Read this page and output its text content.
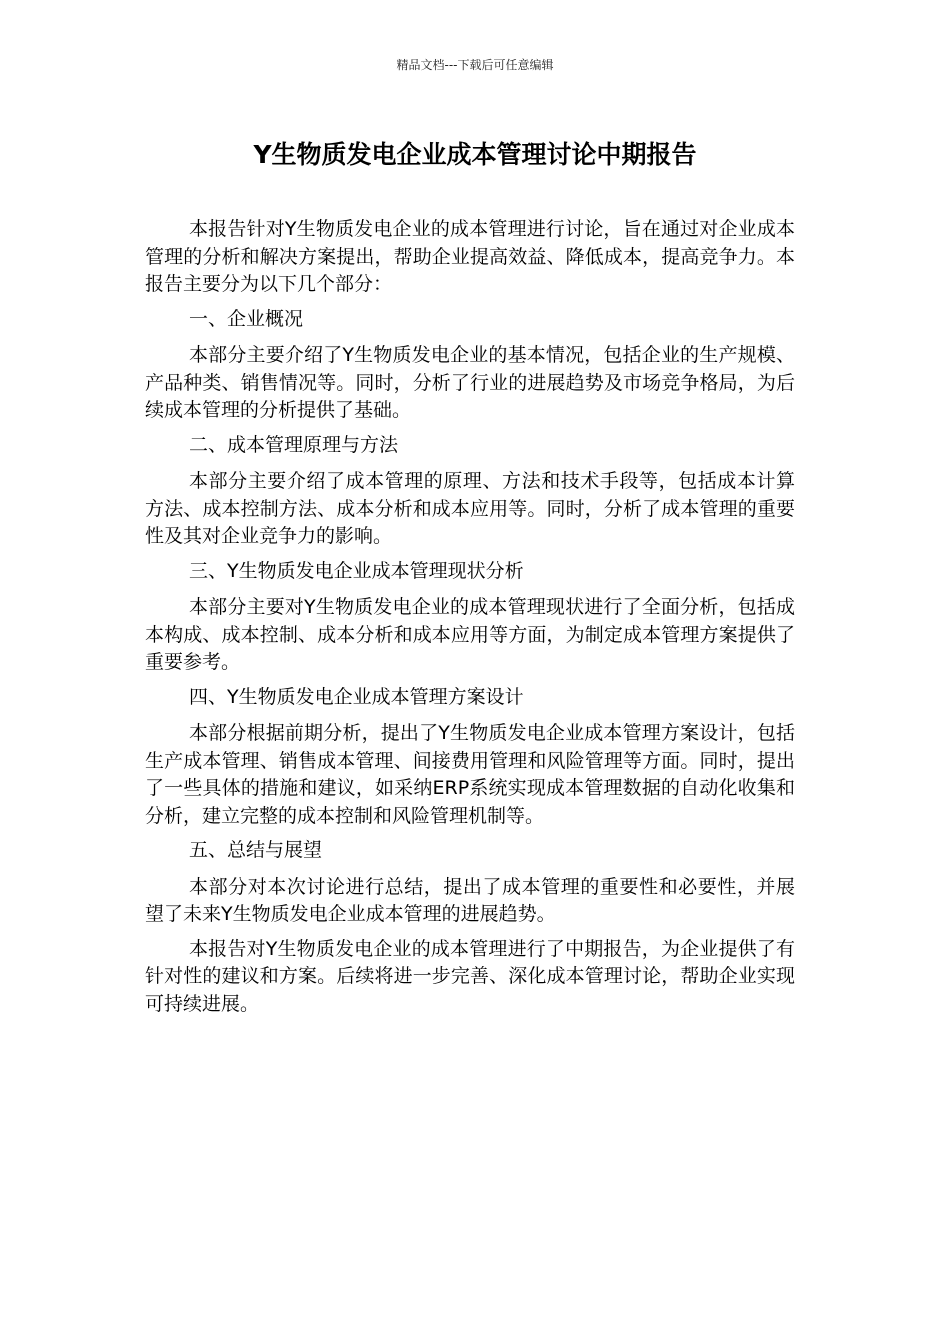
精品文档---下载后可任意编辑
Y生物质发电企业成本管理讨论中期报告

本报告针对Y生物质发电企业的成本管理进行讨论，旨在通过对企业成本管理的分析和解决方案提出，帮助企业提高效益、降低成本，提高竞争力。本报告主要分为以下几个部分：

一、企业概况

本部分主要介绍了Y生物质发电企业的基本情况，包括企业的生产规模、产品种类、销售情况等。同时，分析了行业的进展趋势及市场竞争格局，为后续成本管理的分析提供了基础。

二、成本管理原理与方法

本部分主要介绍了成本管理的原理、方法和技术手段等，包括成本计算方法、成本控制方法、成本分析和成本应用等。同时，分析了成本管理的重要性及其对企业竞争力的影响。

三、Y生物质发电企业成本管理现状分析

本部分主要对Y生物质发电企业的成本管理现状进行了全面分析，包括成本构成、成本控制、成本分析和成本应用等方面，为制定成本管理方案提供了重要参考。

四、Y生物质发电企业成本管理方案设计

本部分根据前期分析，提出了Y生物质发电企业成本管理方案设计，包括生产成本管理、销售成本管理、间接费用管理和风险管理等方面。同时，提出了一些具体的措施和建议，如采纳ERP系统实现成本管理数据的自动化收集和分析，建立完整的成本控制和风险管理机制等。

五、总结与展望

本部分对本次讨论进行总结，提出了成本管理的重要性和必要性，并展望了未来Y生物质发电企业成本管理的进展趋势。

本报告对Y生物质发电企业的成本管理进行了中期报告，为企业提供了有针对性的建议和方案。后续将进一步完善、深化成本管理讨论，帮助企业实现可持续进展。
